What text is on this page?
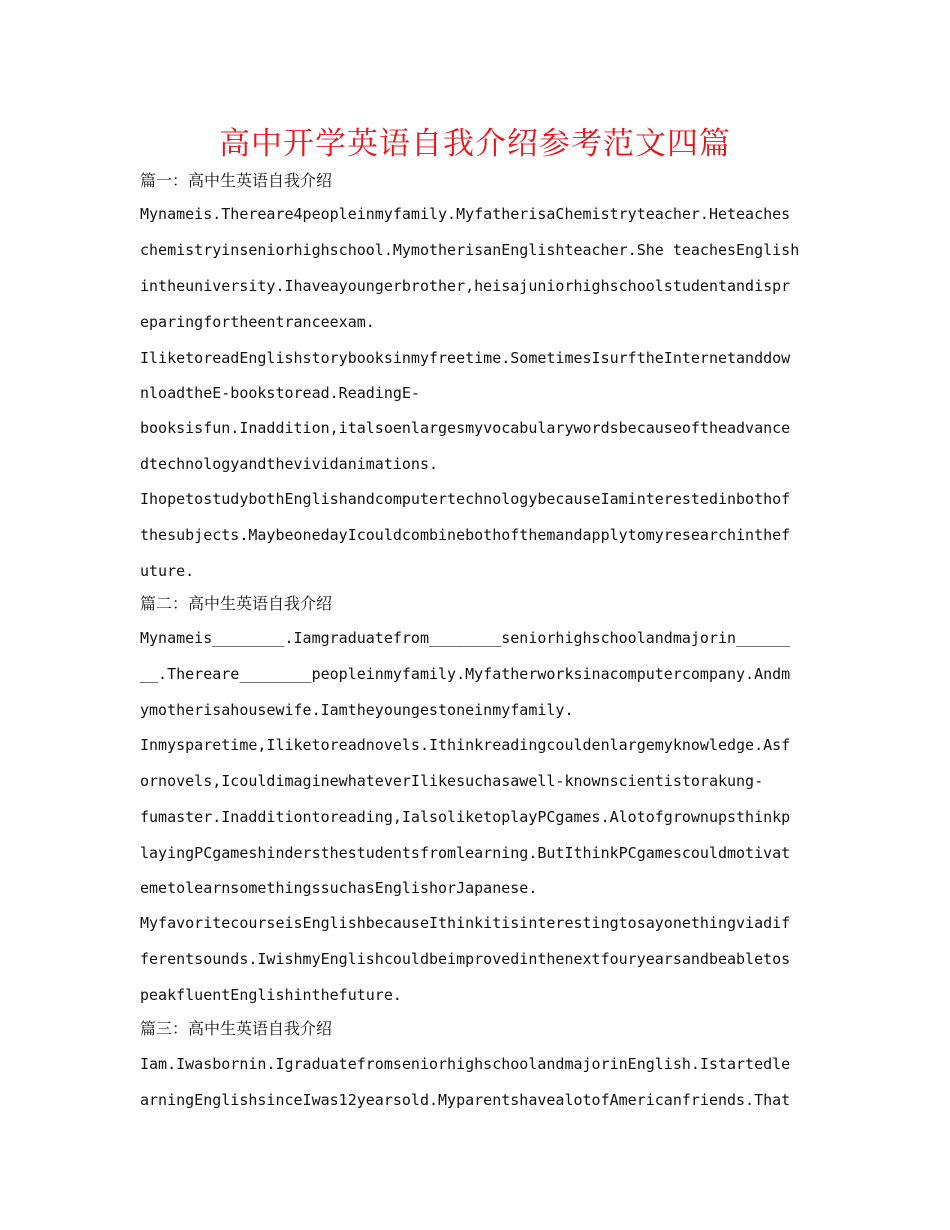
高中开学英语自我介绍参考范文四篇
篇一：高中生英语自我介绍
Mynameis.Thereare4peopleinmyfamily.MyfatherisaChemistryteacher.Heteaches
chemistryinseniorhighschool.MymotherisanEnglishteacher.She teachesEnglish
intheuniversity.Ihaveayoungerbrother,heisajuniorhighschoolstudentandispr
eparingfortheentranceexam.
IliketoreadEnglishstorybooksinmyfreetime.SometimesIsurftheInternetanddow
nloadtheE-bookstoread.ReadingE-
booksisfun.Inaddition,italsoenlargesmyvocabularywordsbecauseoftheadvance
dtechnologyandthevividanimations.
IhopetostudybothEnglishandcomputertechnologybecauseIaminterestedinbothof
thesubjects.MaybeonedayIcouldcombinebothofthemandapplytomyresearchinthef
uture.
篇二：高中生英语自我介绍
Mynameis________.Iamgraduatefrom________seniorhighschoolandmajorin______
__.Thereare________peopleinmyfamily.Myfatherworksinacomputercompany.Andm
ymotherisahousewife.Iamtheyoungestoneinmyfamily.
Inmysparetime,Iliketoreadnovels.Ithinkreadingcouldenlargemyknowledge.Asf
ornovels,IcouldimaginewhateverIlikesuchasawell-knownscientistorakung-
fumaster.Inadditiontoreading,IalsoliketoplayPCgames.Alotofgrownupsthinkp
layingPCgameshindersthestudentsfromlearning.ButIthinkPCgamescouldmotivat
emetolearnsomethingssuchasEnglishorJapanese.
MyfavoritecourseisEnglishbecauseIthinkitisinterestingtosayonethingviadif
ferentsounds.IwishmyEnglishcouldbeimprovedinthenextfouryearsandbeabletos
peakfluentEnglishinthefuture.
篇三：高中生英语自我介绍
Iam.Iwasbornin.IgraduatefromseniorhighschoolandmajorinEnglish.Istartedle
arningEnglishsinceIwas12yearsold.MyparentshavealotofAmericanfriends.That
